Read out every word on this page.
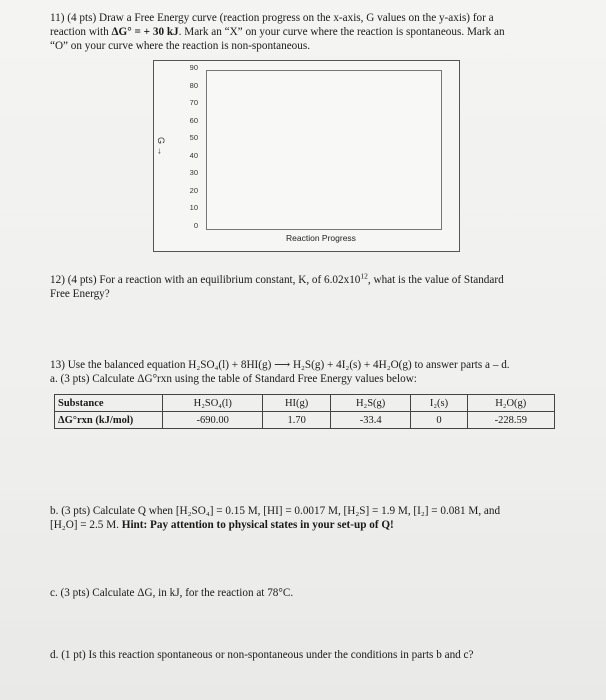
11) (4 pts) Draw a Free Energy curve (reaction progress on the x-axis, G values on the y-axis) for a
reaction with ΔG° = + 30 kJ. Mark an “X” on your curve where the reaction is spontaneous. Mark an
“O” on your curve where the reaction is non-spontaneous.
G →
90
80
70
60
50
40
30
20
10
0
Reaction Progress
12) (4 pts) For a reaction with an equilibrium constant, K, of $6.02x10^{12}$, what is the value of Standard
Free Energy?
13) Use the balanced equation H₂SO₄(l) + 8HI(g) ⟶ H₂S(g) + 4I₂(s) + 4H₂O(g) to answer parts a – d.
a. (3 pts) Calculate ΔG°rxn using the table of Standard Free Energy values below:
Substance	H₂SO₄(l)	HI(g)	H₂S(g)	I₂(s)	H₂O(g)
ΔG°rxn (kJ/mol)	-690.00	1.70	-33.4	0	-228.59
b. (3 pts) Calculate Q when [H₂SO₄] = 0.15 M, [HI] = 0.0017 M, [H₂S] = 1.9 M, [I₂] = 0.081 M, and
[H₂O] = 2.5 M. Hint: Pay attention to physical states in your set-up of Q!
c. (3 pts) Calculate ΔG, in kJ, for the reaction at 78°C.
d. (1 pt) Is this reaction spontaneous or non-spontaneous under the conditions in parts b and c?
